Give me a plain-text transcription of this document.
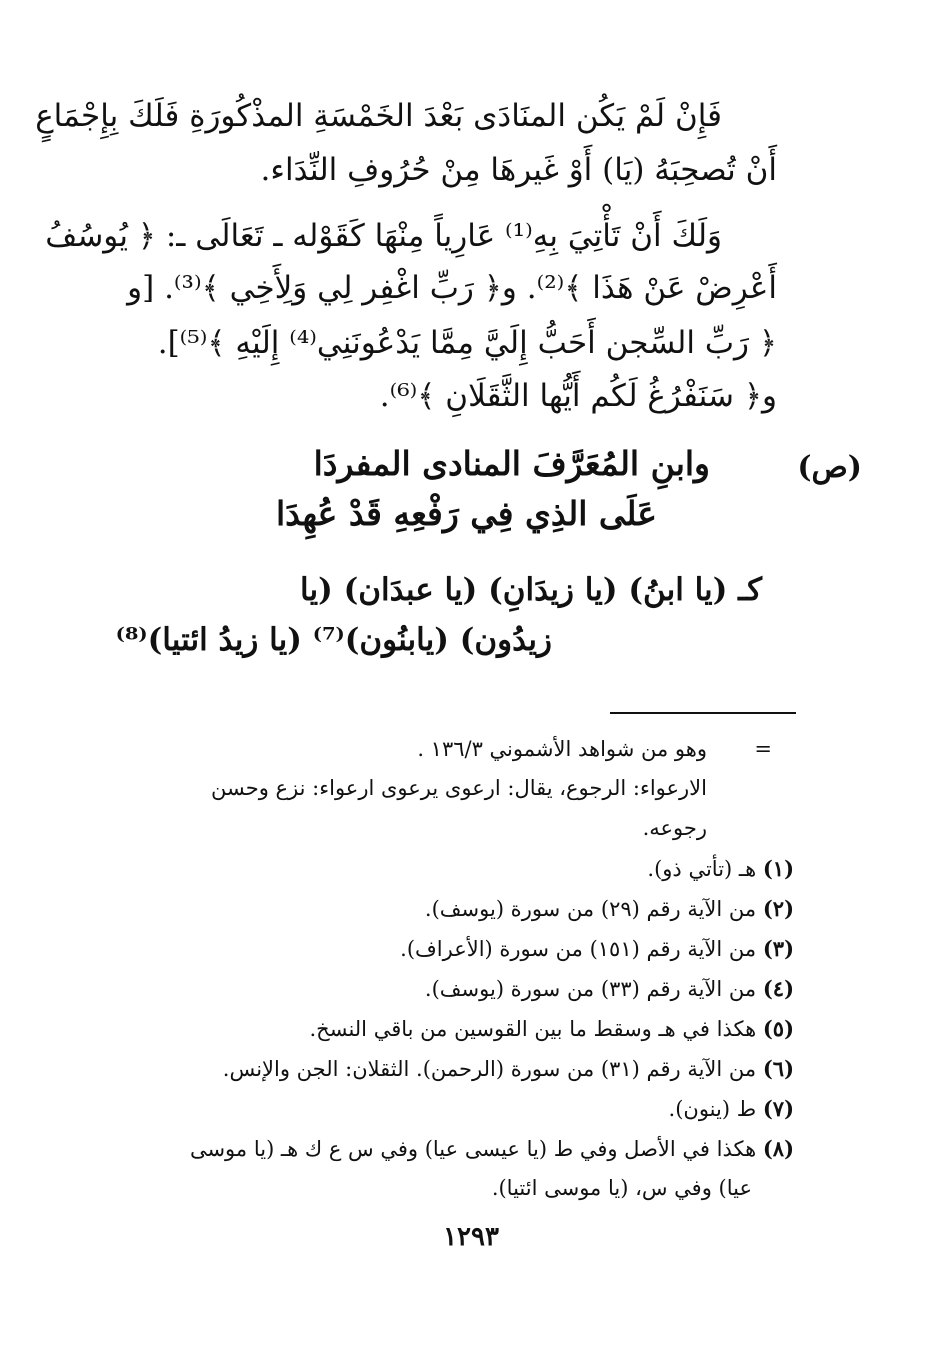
فَإِنْ لَمْ يَكُن المنَادَى بَعْدَ الخَمْسَةِ المذْكُورَةِ فَلَكَ بِإِجْمَاعٍ
أَنْ تُصحِبَهُ (يَا) أَوْ غَيرهَا مِنْ حُرُوفِ النِّدَاء.
وَلَكَ أَنْ تَأْتِيَ بِهِ⁽¹⁾ عَارِياً مِنْهَا كَقَوْله ـ تَعَالَى ـ: ﴿ يُوسُفُ
أَعْرِضْ عَنْ هَذَا ﴾⁽²⁾. و﴿ رَبِّ اغْفِر لِي وَلِأَخِي ﴾⁽³⁾. [و
﴿ رَبِّ السِّجن أَحَبُّ إِلَيَّ مِمَّا يَدْعُونَنِي⁽⁴⁾ إِلَيْهِ ﴾⁽⁵⁾].
و﴿ سَنَفْرُغُ لَكُم أَيُّها الثَّقَلَانِ ﴾⁽⁶⁾.
(ص)
وابنِ المُعَرَّفَ المنادى المفردَا
عَلَى الذِي فِي رَفْعِهِ قَدْ عُهِدَا
كـ (يا ابنُ) (يا زيدَانِ) (يا عبدَان) (يا
زيدُون) (يابنُون)⁽⁷⁾ (يا زيدُ ائتيا)⁽⁸⁾
=
وهو من شواهد الأشموني ١٣٦/٣ .
الارعواء: الرجوع، يقال: ارعوى يرعوى ارعواء: نزع وحسن
رجوعه.
(١) هـ (تأتي ذو).
(٢) من الآية رقم (٢٩) من سورة (يوسف).
(٣) من الآية رقم (١٥١) من سورة (الأعراف).
(٤) من الآية رقم (٣٣) من سورة (يوسف).
(٥) هكذا في هـ وسقط ما بين القوسين من باقي النسخ.
(٦) من الآية رقم (٣١) من سورة (الرحمن). الثقلان: الجن والإنس.
(٧) ط (ينون).
(٨) هكذا في الأصل وفي ط (يا عيسى عيا) وفي س ع ك هـ (يا موسى
عيا) وفي س، (يا موسى ائتيا).
١٢٩٣
